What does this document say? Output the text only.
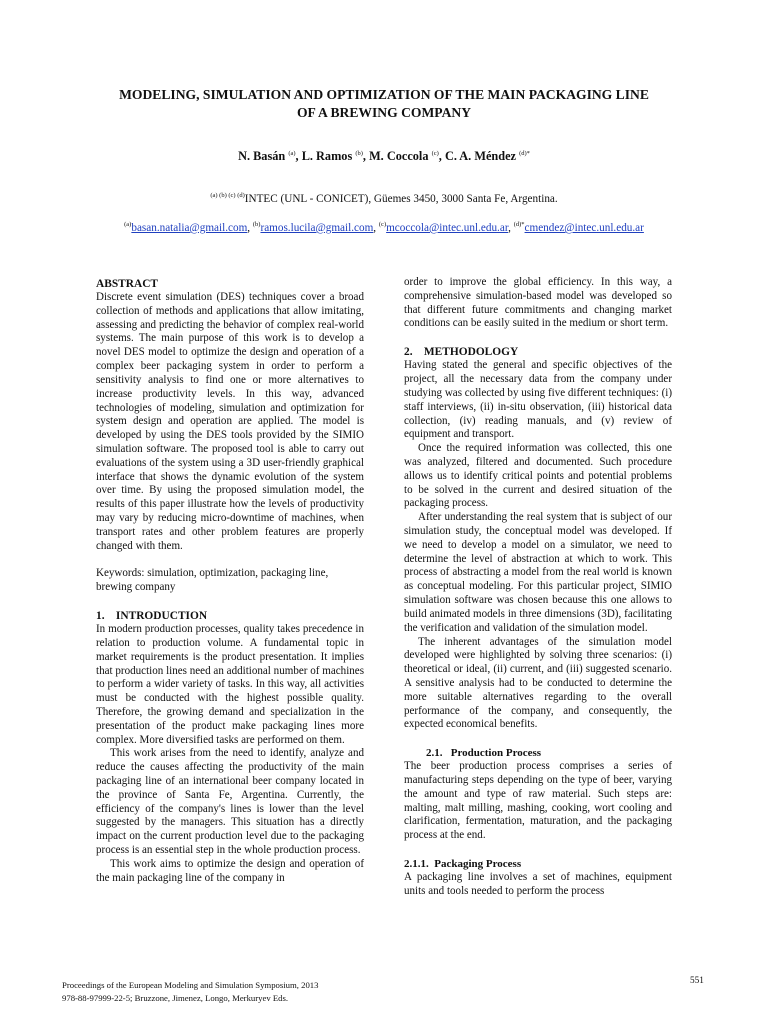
MODELING, SIMULATION AND OPTIMIZATION OF THE MAIN PACKAGING LINE
OF A BREWING COMPANY
N. Basán $^{(a)}$, L. Ramos $^{(b)}$, M. Coccola $^{(c)}$, C. A. Méndez $^{(d)*}$
$^{(a) (b) (c) (d)}$INTEC (UNL - CONICET), Güemes 3450, 3000 Santa Fe, Argentina.
$^{(a)}$basan.natalia@gmail.com, $^{(b)}$ramos.lucila@gmail.com, $^{(c)}$mcoccola@intec.unl.edu.ar, $^{(d)*}$cmendez@intec.unl.edu.ar
ABSTRACT

Discrete event simulation (DES) techniques cover a broad collection of methods and applications that allow imitating, assessing and predicting the behavior of complex real-world systems. The main purpose of this work is to develop a novel DES model to optimize the design and operation of a complex beer packaging system in order to perform a sensitivity analysis to find one or more alternatives to increase productivity levels. In this way, advanced technologies of modeling, simulation and optimization for system design and operation are applied. The model is developed by using the DES tools provided by the SIMIO simulation software. The proposed tool is able to carry out evaluations of the system using a 3D user-friendly graphical interface that shows the dynamic evolution of the system over time. By using the proposed simulation model, the results of this paper illustrate how the levels of productivity may vary by reducing micro-downtime of machines, when transport rates and other problem features are properly changed with them.

Keywords: simulation, optimization, packaging line, brewing company

1.    INTRODUCTION

In modern production processes, quality takes precedence in relation to production volume. A fundamental topic in market requirements is the product presentation. It implies that production lines need an additional number of machines to perform a wider variety of tasks. In this way, all activities must be conducted with the highest possible quality. Therefore, the growing demand and specialization in the presentation of the product make packaging lines more complex. More diversified tasks are performed on them.

This work arises from the need to identify, analyze and reduce the causes affecting the productivity of the main packaging line of an international beer company located in the province of Santa Fe, Argentina. Currently, the efficiency of the company's lines is lower than the level suggested by the managers. This situation has a directly impact on the current production level due to the packaging process is an essential step in the whole production process.

This work aims to optimize the design and operation of the main packaging line of the company in

order to improve the global efficiency. In this way, a comprehensive simulation-based model was developed so that different future commitments and changing market conditions can be easily suited in the medium or short term.

2.    METHODOLOGY

Having stated the general and specific objectives of the project, all the necessary data from the company under studying was collected by using five different techniques: (i) staff interviews, (ii) in-situ observation, (iii) historical data collection, (iv) reading manuals, and (v) review of equipment and transport.

Once the required information was collected, this one was analyzed, filtered and documented. Such procedure allows us to identify critical points and potential problems to be solved in the current and desired situation of the packaging process.

After understanding the real system that is subject of our simulation study, the conceptual model was developed. If we need to develop a model on a simulator, we need to determine the level of abstraction at which to work. This process of abstracting a model from the real world is known as conceptual modeling. For this particular project, SIMIO simulation software was chosen because this one allows to build animated models in three dimensions (3D), facilitating the verification and validation of the simulation model.

The inherent advantages of the simulation model developed were highlighted by solving three scenarios: (i) theoretical or ideal, (ii) current, and (iii) suggested scenario. A sensitive analysis had to be conducted to determine the more suitable alternatives regarding to the overall performance of the company, and consequently, the expected economical benefits.

2.1.   Production Process

The beer production process comprises a series of manufacturing steps depending on the type of beer, varying the amount and type of raw material. Such steps are: malting, malt milling, mashing, cooking, wort cooling and clarification, fermentation, maturation, and the packaging process at the end.

2.1.1.  Packaging Process

A packaging line involves a set of machines, equipment units and tools needed to perform the process

Proceedings of the European Modeling and Simulation Symposium, 2013
978-88-97999-22-5; Bruzzone, Jimenez, Longo, Merkuryev Eds.
551
